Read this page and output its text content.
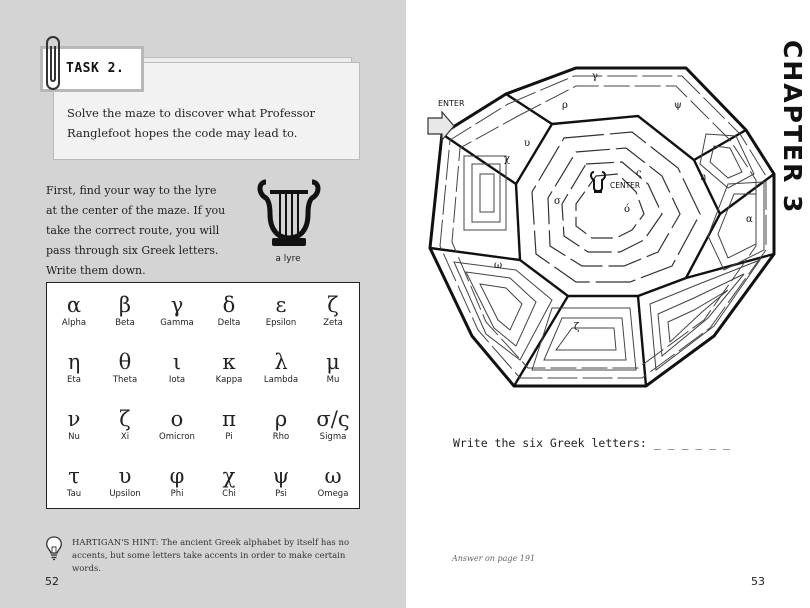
TASK 2.
Solve the maze to discover what Professor Ranglefoot hopes the code may lead to.
First, find your way to the lyre at the center of the maze. If you take the correct route, you will pass through six Greek letters. Write them down.
a lyre
α
Alpha
β
Beta
γ
Gamma
δ
Delta
ε
Epsilon
ζ
Zeta
η
Eta
θ
Theta
ι
Iota
κ
Kappa
λ
Lambda
μ
Mu
ν
Nu
ζ
Xi
ο
Omicron
π
Pi
ρ
Rho
σ/ς
Sigma
τ
Tau
υ
Upsilon
φ
Phi
χ
Chi
ψ
Psi
ω
Omega
HARTIGAN'S HINT: The ancient Greek alphabet by itself has no accents, but some letters take accents in order to make certain words.
52
ENTER
CENTER
γ
ρ	ψ
υ
χ
η
σ
ς
ό
α
ω
ζ
Write the six Greek letters: _ _ _ _ _ _
Answer on page 191
53
CHAPTER 3
